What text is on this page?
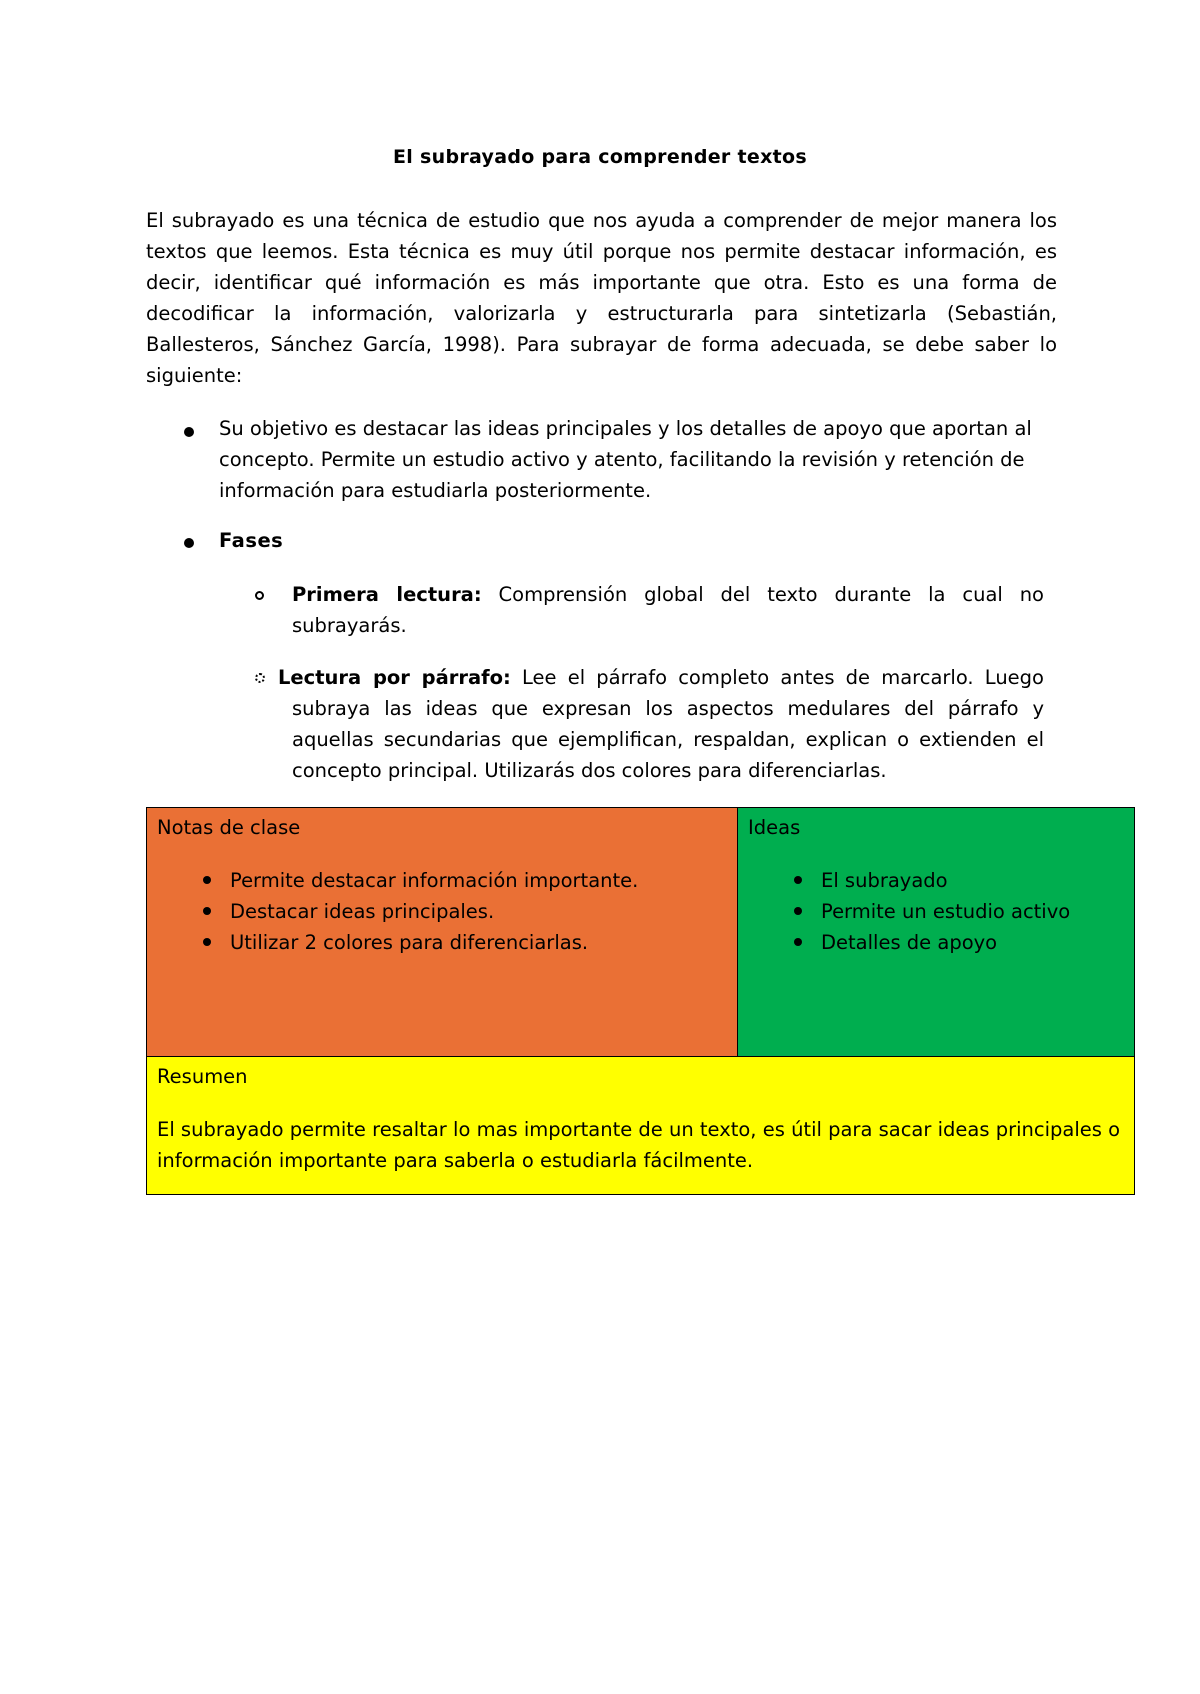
El subrayado para comprender textos

El subrayado es una técnica de estudio que nos ayuda a comprender de mejor manera los textos que leemos. Esta técnica es muy útil porque nos permite destacar información, es decir, identificar qué información es más importante que otra. Esto es una forma de decodificar la información, valorizarla y estructurarla para sintetizarla (Sebastián, Ballesteros, Sánchez García, 1998). Para subrayar de forma adecuada, se debe saber lo siguiente:

Su objetivo es destacar las ideas principales y los detalles de apoyo que aportan al concepto. Permite un estudio activo y atento, facilitando la revisión y retención de información para estudiarla posteriormente.

Fases

Primera lectura: Comprensión global del texto durante la cual no subrayarás.

Lectura por párrafo: Lee el párrafo completo antes de marcarlo. Luego subraya las ideas que expresan los aspectos medulares del párrafo y aquellas secundarias que ejemplifican, respaldan, explican o extienden el concepto principal. Utilizarás dos colores para diferenciarlas.

Notas de clase

Permite destacar información importante.
Destacar ideas principales.
Utilizar 2 colores para diferenciarlas.

Ideas

El subrayado
Permite un estudio activo
Detalles de apoyo

Resumen

El subrayado permite resaltar lo mas importante de un texto, es útil para sacar ideas principales o información importante para saberla o estudiarla fácilmente.
